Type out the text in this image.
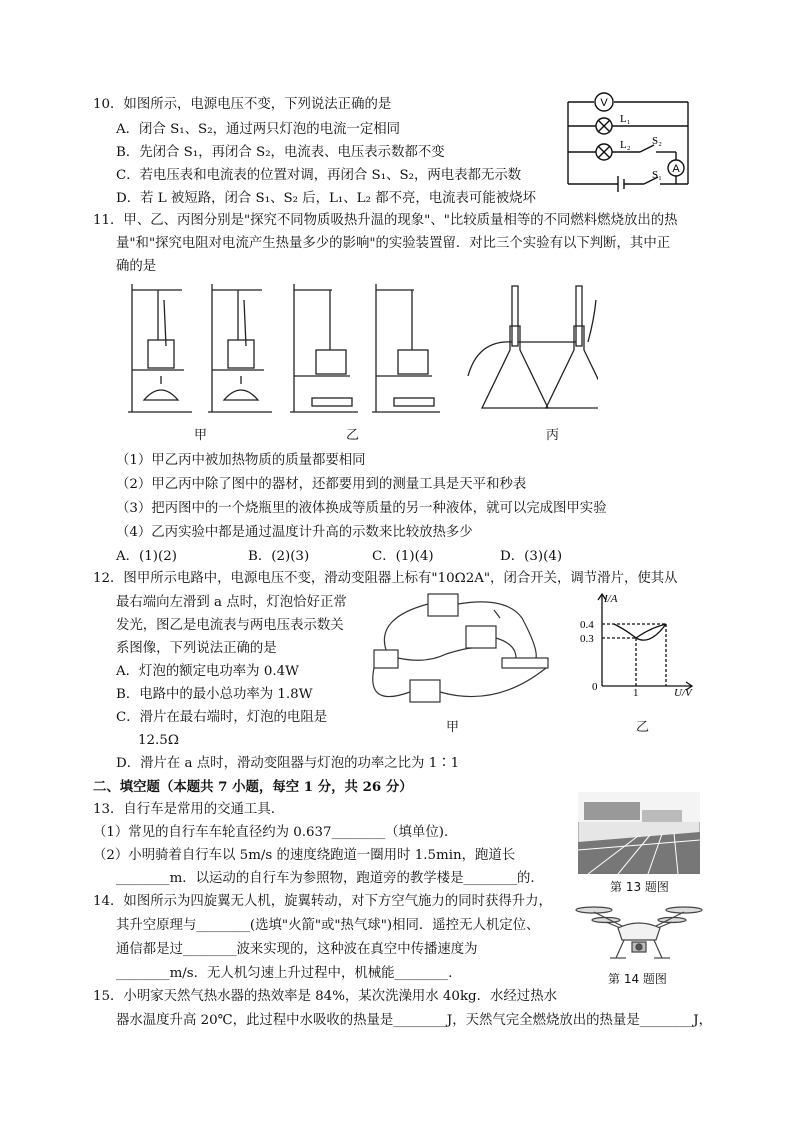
10．如图所示，电源电压不变，下列说法正确的是
A．闭合 S₁、S₂，通过两只灯泡的电流一定相同
B．先闭合 S₁，再闭合 S₂，电流表、电压表示数都不变
C．若电压表和电流表的位置对调，再闭合 S₁、S₂，两电表都无示数
D．若 L 被短路，闭合 S₁、S₂ 后，L₁、L₂ 都不亮，电流表可能被烧坏
V
A
L₁
L₂ S₂
S₁
11．甲、乙、丙图分别是"探究不同物质吸热升温的现象"、"比较质量相等的不同燃料燃烧放出的热
量"和"探究电阻对电流产生热量多少的影响"的实验装置留．对比三个实验有以下判断，其中正
确的是
甲	乙	丙
（1）甲乙丙中被加热物质的质量都要相同
（2）甲乙丙中除了图中的器材，还都要用到的测量工具是天平和秒表
（3）把丙图中的一个烧瓶里的液体换成等质量的另一种液体，就可以完成图甲实验
（4）乙丙实验中都是通过温度计升高的示数来比较放热多少
A．(1)(2)	B．(2)(3)	C．(1)(4)	D．(3)(4)
12．图甲所示电路中，电源电压不变，滑动变阻器上标有"10Ω2A"，闭合开关，调节滑片，使其从
最右端向左滑到 a 点时，灯泡恰好正常
发光，图乙是电流表与两电压表示数关
系图像，下列说法正确的是
A．灯泡的额定电功率为 0.4W
B．电路中的最小总功率为 1.8W
C．滑片在最右端时，灯泡的电阻是
12.5Ω
D．滑片在 a 点时，滑动变阻器与灯泡的功率之比为 1∶1
甲
I/A
0.4
0.3
0	1	U/V
乙
二、填空题（本题共 7 小题，每空 1 分，共 26 分）
13．自行车是常用的交通工具.
（1）常见的自行车车轮直径约为 0.637________（填单位).
（2）小明骑着自行车以 5m/s 的速度绕跑道一圈用时 1.5min，跑道长
________m．以运动的自行车为参照物，跑道旁的教学楼是________的.
第 13 题图
14．如图所示为四旋翼无人机，旋翼转动，对下方空气施力的同时获得升力，
其升空原理与________(选填"火箭"或"热气球")相同．遥控无人机定位、
通信都是过________波来实现的，这种波在真空中传播速度为
________m/s．无人机匀速上升过程中，机械能________.	第 14 题图
15．小明家天然气热水器的热效率是 84%，某次洗澡用水 40kg．水经过热水
器水温度升高 20℃，此过程中水吸收的热量是________J，天然气完全燃烧放出的热量是________J，
